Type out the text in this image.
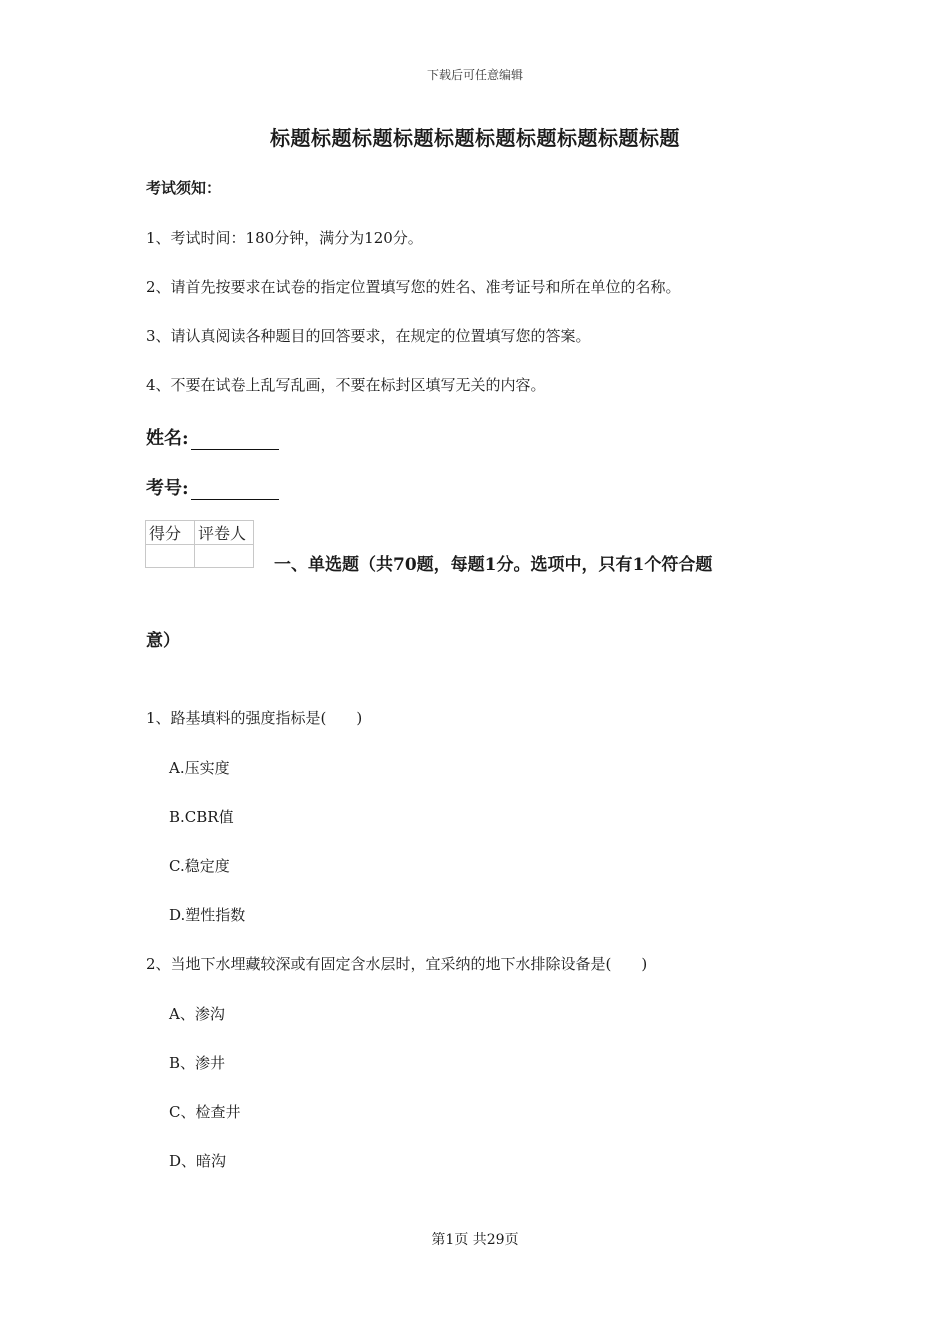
下载后可任意编辑
标题标题标题标题标题标题标题标题标题标题
考试须知：
1、考试时间：180分钟，满分为120分。
2、请首先按要求在试卷的指定位置填写您的姓名、准考证号和所在单位的名称。
3、请认真阅读各种题目的回答要求，在规定的位置填写您的答案。
4、不要在试卷上乱写乱画，不要在标封区填写无关的内容。
姓名:
考号:
得分	评卷人

一、单选题（共70题，每题1分。选项中，只有1个符合题
意）
1、路基填料的强度指标是(　　)
A.压实度
B.CBR值
C.稳定度
D.塑性指数
2、当地下水埋藏较深或有固定含水层时，宜采纳的地下水排除设备是(　　)
A、渗沟
B、渗井
C、检查井
D、暗沟
第1页 共29页
